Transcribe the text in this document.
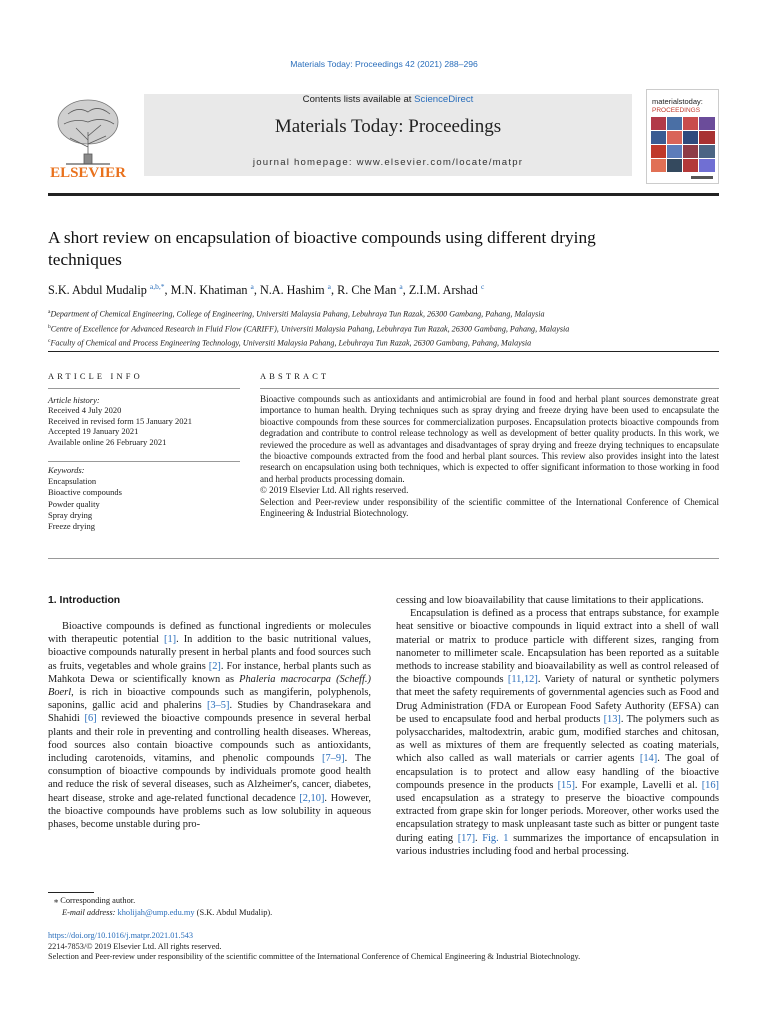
Materials Today: Proceedings 42 (2021) 288–296
ELSEVIER
Contents lists available at ScienceDirect
Materials Today: Proceedings
journal homepage: www.elsevier.com/locate/matpr
materialstoday:
PROCEEDINGS
A short review on encapsulation of bioactive compounds using different drying techniques
S.K. Abdul Mudalip $^{a,b,*}$, M.N. Khatiman $^a$, N.A. Hashim $^a$, R. Che Man $^a$, Z.I.M. Arshad $^c$
$^a$Department of Chemical Engineering, College of Engineering, Universiti Malaysia Pahang, Lebuhraya Tun Razak, 26300 Gambang, Pahang, Malaysia
$^b$Centre of Excellence for Advanced Research in Fluid Flow (CARIFF), Universiti Malaysia Pahang, Lebuhraya Tun Razak, 26300 Gambang, Pahang, Malaysia
$^c$Faculty of Chemical and Process Engineering Technology, Universiti Malaysia Pahang, Lebuhraya Tun Razak, 26300 Gambang, Pahang, Malaysia
ARTICLE INFO	ABSTRACT
Article history:
Received 4 July 2020
Received in revised form 15 January 2021
Accepted 19 January 2021
Available online 26 February 2021
Keywords:
Encapsulation
Bioactive compounds
Powder quality
Spray drying
Freeze drying
Bioactive compounds such as antioxidants and antimicrobial are found in food and herbal plant sources demonstrate great importance to human health. Drying techniques such as spray drying and freeze drying have been used to encapsulate the bioactive compounds from these sources for commercialization purposes. Encapsulation protects bioactive compounds from degradation and contribute to control release technology as well as development of better quality products. In this work, we reviewed the procedure as well as advantages and disadvantages of spray drying and freeze drying techniques to encapsulate the bioactive compounds extracted from the food and herbal plant sources. This review also provides insight into the latest research on encapsulation using both techniques, which is expected to offer significant information to those working in food and herbal products processing domain.
© 2019 Elsevier Ltd. All rights reserved.
Selection and Peer-review under responsibility of the scientific committee of the International Conference of Chemical Engineering & Industrial Biotechnology.
1. Introduction

Bioactive compounds is defined as functional ingredients or molecules with therapeutic potential [1]. In addition to the basic nutritional values, bioactive compounds naturally present in herbal plants and food sources such as fruits, vegetables and whole grains [2]. For instance, herbal plants such as Mahkota Dewa or scientifically known as Phaleria macrocarpa (Scheff.) Boerl, is rich in bioactive compounds such as mangiferin, polyphenols, saponins, gallic acid and phalerins [3–5]. Studies by Chandrasekara and Shahidi [6] reviewed the bioactive compounds presence in several herbal plants and their role in preventing and controlling health diseases. Whereas, food sources also contain bioactive compounds such as antioxidants, including carotenoids, vitamins, and phenolic compounds [7–9]. The consumption of bioactive compounds by individuals promote good health and reduce the risk of several diseases, such as Alzheimer's, cancer, diabetes, heart disease, stroke and age-related functional decadence [2,10]. However, the bioactive compounds have problems such as low solubility in aqueous phases, become unstable during pro-

cessing and low bioavailability that cause limitations to their applications.

Encapsulation is defined as a process that entraps substance, for example heat sensitive or bioactive compounds in liquid extract into a shell of wall material or matrix to produce particle with different sizes, ranging from nanometer to millimeter scale. Encapsulation has been reported as a suitable methods to increase stability and bioavailability as well as control released of the bioactive compounds [11,12]. Variety of natural or synthetic polymers that meet the safety requirements of governmental agencies such as Food and Drug Administration (FDA or European Food Safety Authority (EFSA) can be used to encapsulate food and herbal products [13]. The polymers such as polysaccharides, maltodextrin, arabic gum, modified starches and chitosan, as well as mixtures of them are frequently selected as coating materials, which also called as wall materials or carrier agents [14]. The goal of encapsulation is to protect and allow easy handling of the bioactive compounds presence in the products [15]. For example, Lavelli et al. [16] used encapsulation as a strategy to preserve the bioactive compounds extracted from grape skin for longer periods. Moreover, other works used the encapsulation strategy to mask unpleasant taste such as bitter or pungent taste during eating [17]. Fig. 1 summarizes the importance of encapsulation in various industries including food and herbal processing.

⁎ Corresponding author.
E-mail address: kholijah@ump.edu.my (S.K. Abdul Mudalip).
https://doi.org/10.1016/j.matpr.2021.01.543
2214-7853/© 2019 Elsevier Ltd. All rights reserved.
Selection and Peer-review under responsibility of the scientific committee of the International Conference of Chemical Engineering & Industrial Biotechnology.
